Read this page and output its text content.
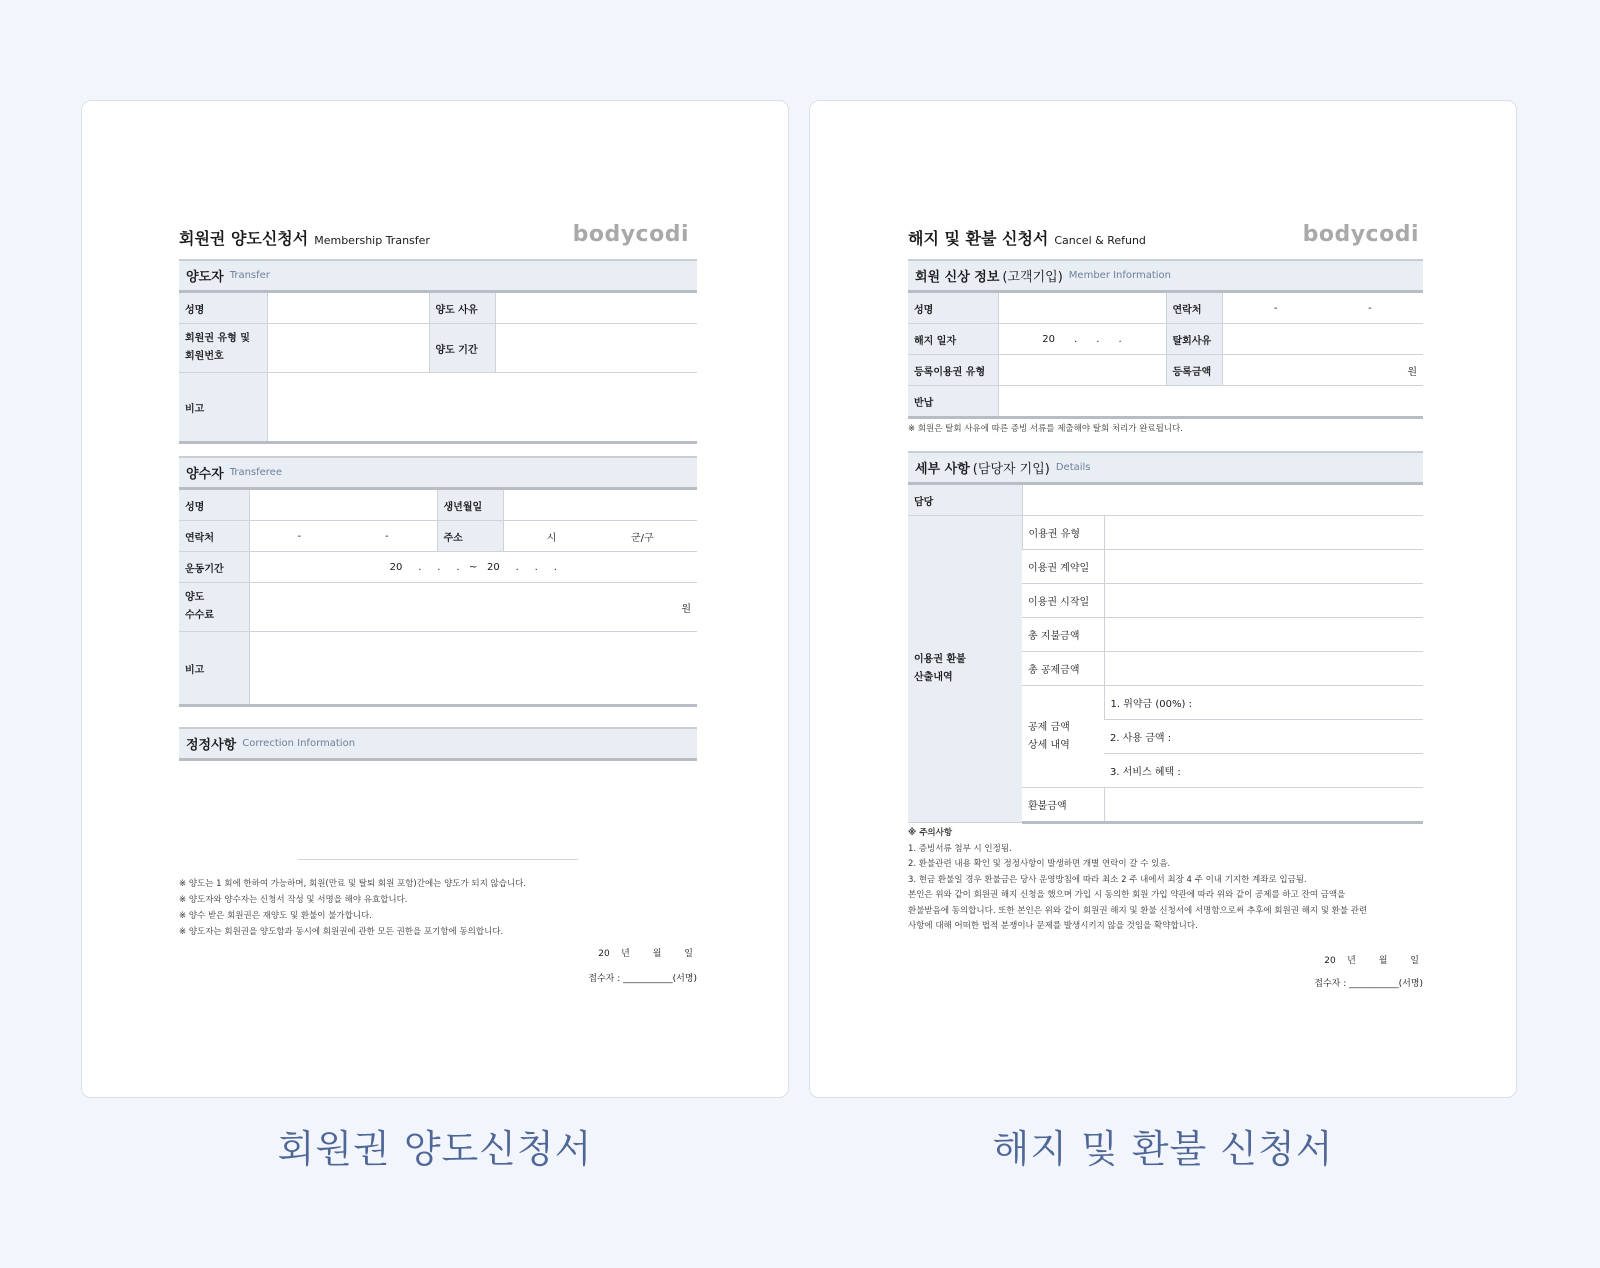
회원권 양도신청서 Membership Transfer	bodycodi
양도자 Transfer
성명		양도 사유	
회원권 유형 및
회원번호		양도 기간	
비고			
양수자 Transferee
성명		생년월일	
연락처	- -	주소	시 군/구

운동기간	20     .     .     .   ~   20     .     .     .		
양도
수수료	원		
비고			
정정사항 Correction Information
※ 양도는 1 회에 한하여 가능하며, 회원(만료 및 탈퇴 회원 포함)간에는 양도가 되지 않습니다.
※ 양도자와 양수자는 신청서 작성 및 서명을 해야 유효합니다.
※ 양수 받은 회원권은 재양도 및 환불이 불가합니다.
※ 양도자는 회원권을 양도함과 동시에 회원권에 관한 모든 권한을 포기함에 동의합니다.
20    년        월        일
접수자 : ___________(서명)
해지 및 환불 신청서 Cancel & Refund	bodycodi
회원 신상 정보 (고객기입) Member Information
성명		연락처	- -

해지 일자	20      .      .      .	탈회사유	
등록이용권 유형		등록금액	원
반납			
※ 회원은 탈회 사유에 따른 증빙 서류를 제출해야 탈회 처리가 완료됩니다.
세부 사항 (담당자 기입) Details
담당		
이용권 환불
산출내역	이용권 유형	
	이용권 계약일	
	이용권 시작일	
	총 지불금액	
	총 공제금액	
	공제 금액
상세 내역	1. 위약금 (00%) :
		2. 사용 금액 :
		3. 서비스 혜택 :
	환불금액	
※ 주의사항
1. 증빙서류 첨부 시 인정됨.
2. 환불관련 내용 확인 및 정정사항이 발생하면 개별 연락이 갈 수 있음.
3. 현금 환불일 경우 환불금은 당사 운영방침에 따라 최소 2 주 내에서 최장 4 주 이내 기지한 계좌로 입금됨.
본인은 위와 같이 회원권 해지 신청을 했으며 가입 시 동의한 회원 가입 약관에 따라 위와 같이 공제를 하고 잔여 금액을
환불받음에 동의합니다. 또한 본인은 위와 같이 회원권 해지 및 환불 신청서에 서명함으로써 추후에 회원권 해지 및 환불 관련
사항에 대해 어떠한 법적 분쟁이나 문제를 발생시키지 않을 것임을 확약합니다.
20    년        월        일
접수자 : ___________(서명)
회원권 양도신청서	해지 및 환불 신청서
